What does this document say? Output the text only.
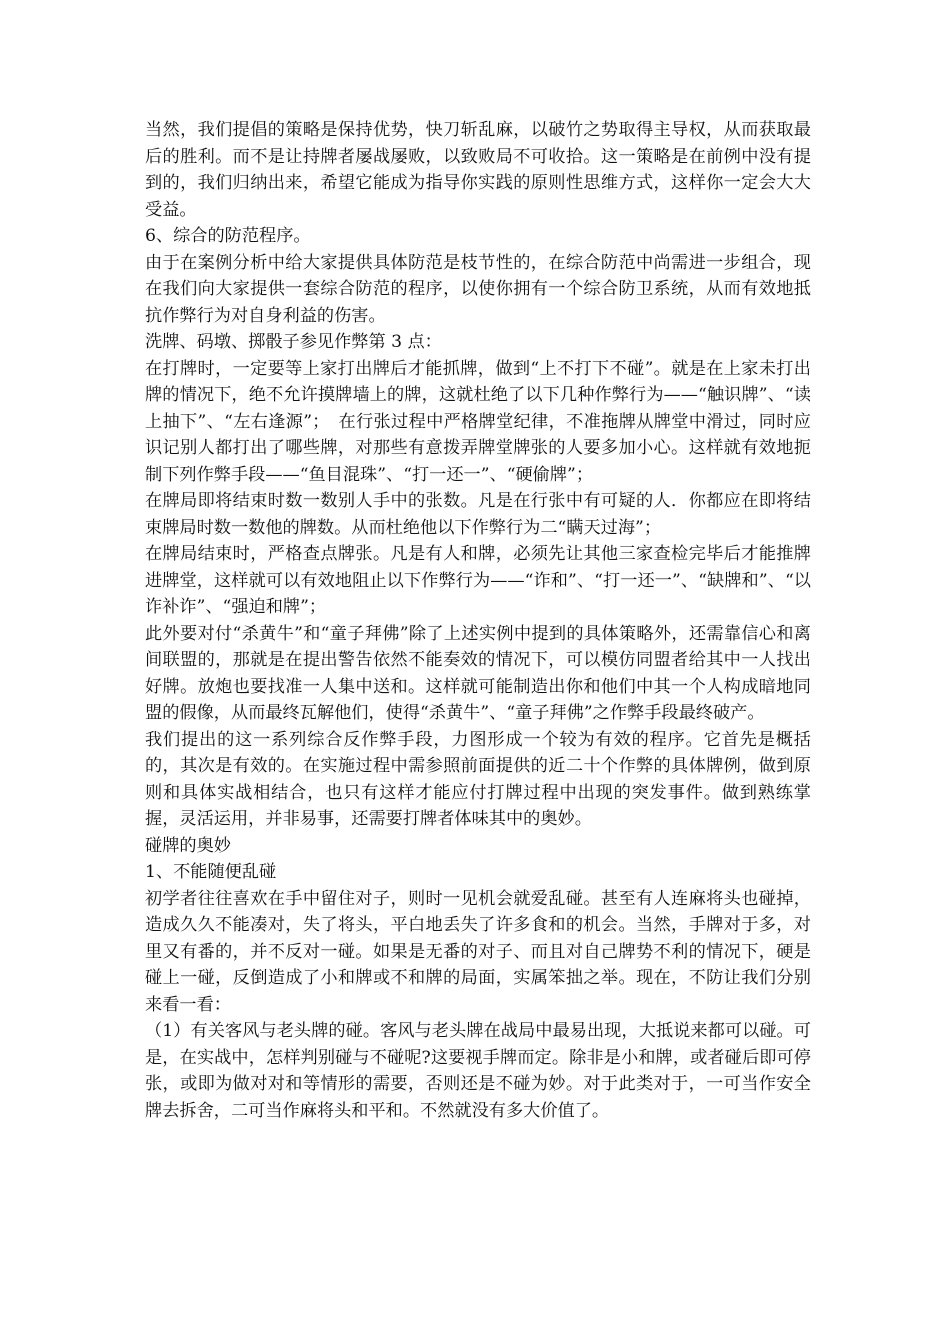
当然，我们提倡的策略是保持优势，快刀斩乱麻，以破竹之势取得主导权，从而获取最后的胜利。而不是让持牌者屡战屡败，以致败局不可收拾。这一策略是在前例中没有提到的，我们归纳出来，希望它能成为指导你实践的原则性思维方式，这样你一定会大大受益。

6、综合的防范程序。

由于在案例分析中给大家提供具体防范是枝节性的，在综合防范中尚需进一步组合，现在我们向大家提供一套综合防范的程序，以使你拥有一个综合防卫系统，从而有效地抵抗作弊行为对自身利益的伤害。

洗牌、码墩、掷骰子参见作弊第 3 点：

在打牌时，一定要等上家打出牌后才能抓牌，做到“上不打下不碰”。就是在上家未打出牌的情况下，绝不允许摸牌墙上的牌，这就杜绝了以下几种作弊行为——“触识牌”、“读上抽下”、“左右逢源”；　在行张过程中严格牌堂纪律，不准拖牌从牌堂中滑过，同时应识记别人都打出了哪些牌，对那些有意拨弄牌堂牌张的人要多加小心。这样就有效地扼制下列作弊手段——“鱼目混珠”、“打一还一”、“硬偷牌”；

在牌局即将结束时数一数别人手中的张数。凡是在行张中有可疑的人．你都应在即将结束牌局时数一数他的牌数。从而杜绝他以下作弊行为二“瞒天过海”；

在牌局结束时，严格查点牌张。凡是有人和牌，必须先让其他三家查检完毕后才能推牌进牌堂，这样就可以有效地阻止以下作弊行为——“诈和”、“打一还一”、“缺牌和”、“以诈补诈”、“强迫和牌”；

此外要对付“杀黄牛”和“童子拜佛”除了上述实例中提到的具体策略外，还需靠信心和离间联盟的，那就是在提出警告依然不能奏效的情况下，可以模仿同盟者给其中一人找出好牌。放炮也要找准一人集中送和。这样就可能制造出你和他们中其一个人构成暗地同盟的假像，从而最终瓦解他们，使得“杀黄牛”、“童子拜佛”之作弊手段最终破产。

我们提出的这一系列综合反作弊手段，力图形成一个较为有效的程序。它首先是概括的，其次是有效的。在实施过程中需参照前面提供的近二十个作弊的具体牌例，做到原则和具体实战相结合，也只有这样才能应付打牌过程中出现的突发事件。做到熟练掌握，灵活运用，并非易事，还需要打牌者体味其中的奥妙。

碰牌的奥妙

1、不能随便乱碰

初学者往往喜欢在手中留住对子，则时一见机会就爱乱碰。甚至有人连麻将头也碰掉，造成久久不能凑对，失了将头，平白地丢失了许多食和的机会。当然，手牌对于多，对里又有番的，并不反对一碰。如果是无番的对子、而且对自己牌势不利的情况下，硬是碰上一碰，反倒造成了小和牌或不和牌的局面，实属笨拙之举。现在，不防让我们分别来看一看：

（1）有关客风与老头牌的碰。客风与老头牌在战局中最易出现，大抵说来都可以碰。可是，在实战中，怎样判别碰与不碰呢?这要视手牌而定。除非是小和牌，或者碰后即可停张，或即为做对对和等情形的需要，否则还是不碰为妙。对于此类对于，一可当作安全牌去拆舍，二可当作麻将头和平和。不然就没有多大价值了。
